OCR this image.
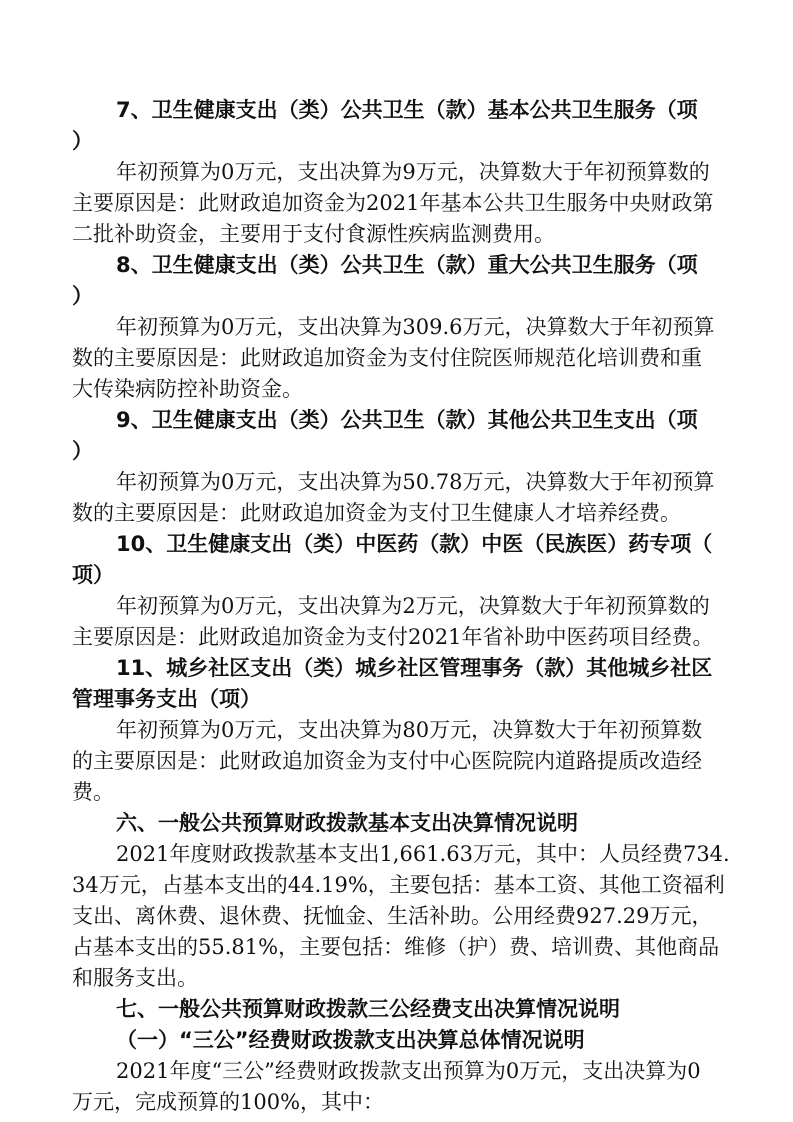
7、卫生健康支出（类）公共卫生（款）基本公共卫生服务（项
）
年初预算为0万元，支出决算为9万元，决算数大于年初预算数的
主要原因是：此财政追加资金为2021年基本公共卫生服务中央财政第
二批补助资金，主要用于支付食源性疾病监测费用。
8、卫生健康支出（类）公共卫生（款）重大公共卫生服务（项
）
年初预算为0万元，支出决算为309.6万元，决算数大于年初预算
数的主要原因是：此财政追加资金为支付住院医师规范化培训费和重
大传染病防控补助资金。
9、卫生健康支出（类）公共卫生（款）其他公共卫生支出（项
）
年初预算为0万元，支出决算为50.78万元，决算数大于年初预算
数的主要原因是：此财政追加资金为支付卫生健康人才培养经费。
10、卫生健康支出（类）中医药（款）中医（民族医）药专项（
项）
年初预算为0万元，支出决算为2万元，决算数大于年初预算数的
主要原因是：此财政追加资金为支付2021年省补助中医药项目经费。
11、城乡社区支出（类）城乡社区管理事务（款）其他城乡社区
管理事务支出（项）
年初预算为0万元，支出决算为80万元，决算数大于年初预算数
的主要原因是：此财政追加资金为支付中心医院院内道路提质改造经
费。
六、一般公共预算财政拨款基本支出决算情况说明
2021年度财政拨款基本支出1,661.63万元，其中：人员经费734.
34万元，占基本支出的44.19%，主要包括：基本工资、其他工资福利
支出、离休费、退休费、抚恤金、生活补助。公用经费927.29万元，
占基本支出的55.81%，主要包括：维修（护）费、培训费、其他商品
和服务支出。
七、一般公共预算财政拨款三公经费支出决算情况说明
（一）“三公”经费财政拨款支出决算总体情况说明
2021年度“三公”经费财政拨款支出预算为0万元，支出决算为0
万元，完成预算的100%，其中：
